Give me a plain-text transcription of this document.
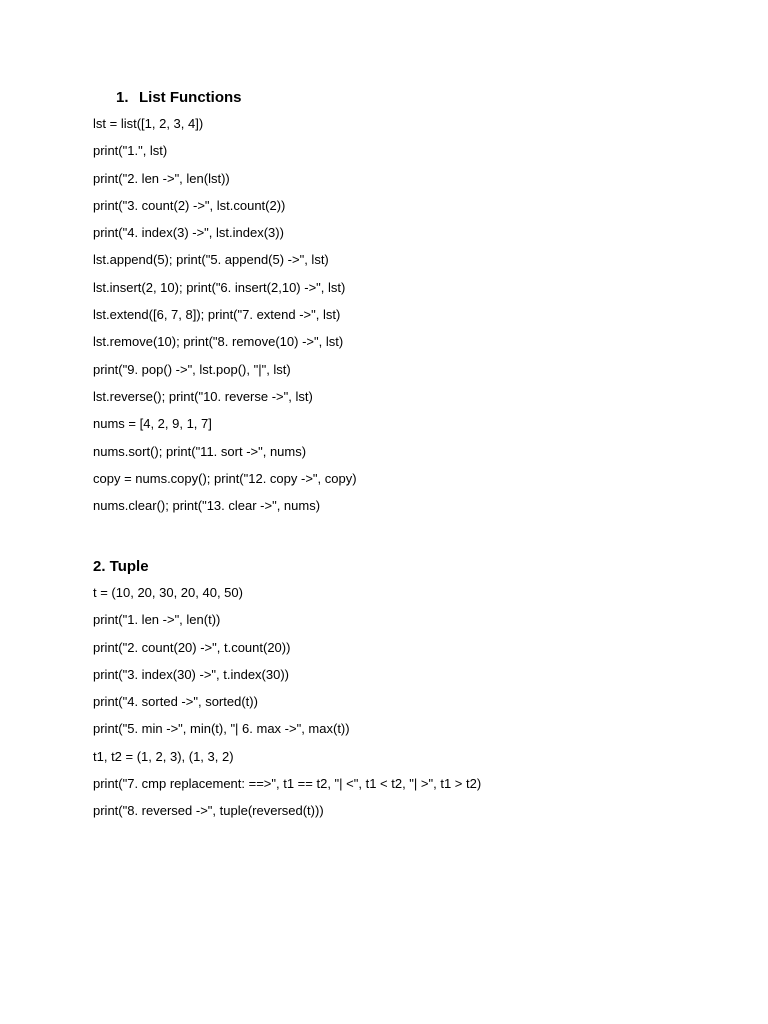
1. List Functions
lst = list([1, 2, 3, 4])
print("1.", lst)
print("2. len ->", len(lst))
print("3. count(2) ->", lst.count(2))
print("4. index(3) ->", lst.index(3))
lst.append(5); print("5. append(5) ->", lst)
lst.insert(2, 10); print("6. insert(2,10) ->", lst)
lst.extend([6, 7, 8]); print("7. extend ->", lst)
lst.remove(10); print("8. remove(10) ->", lst)
print("9. pop() ->", lst.pop(), "|", lst)
lst.reverse(); print("10. reverse ->", lst)
nums = [4, 2, 9, 1, 7]
nums.sort(); print("11. sort ->", nums)
copy = nums.copy(); print("12. copy ->", copy)
nums.clear(); print("13. clear ->", nums)
2. Tuple
t = (10, 20, 30, 20, 40, 50)
print("1. len ->", len(t))
print("2. count(20) ->", t.count(20))
print("3. index(30) ->", t.index(30))
print("4. sorted ->", sorted(t))
print("5. min ->", min(t), "| 6. max ->", max(t))
t1, t2 = (1, 2, 3), (1, 3, 2)
print("7. cmp replacement: ==>", t1 == t2, "| <", t1 < t2, "| >", t1 > t2)
print("8. reversed ->", tuple(reversed(t)))
